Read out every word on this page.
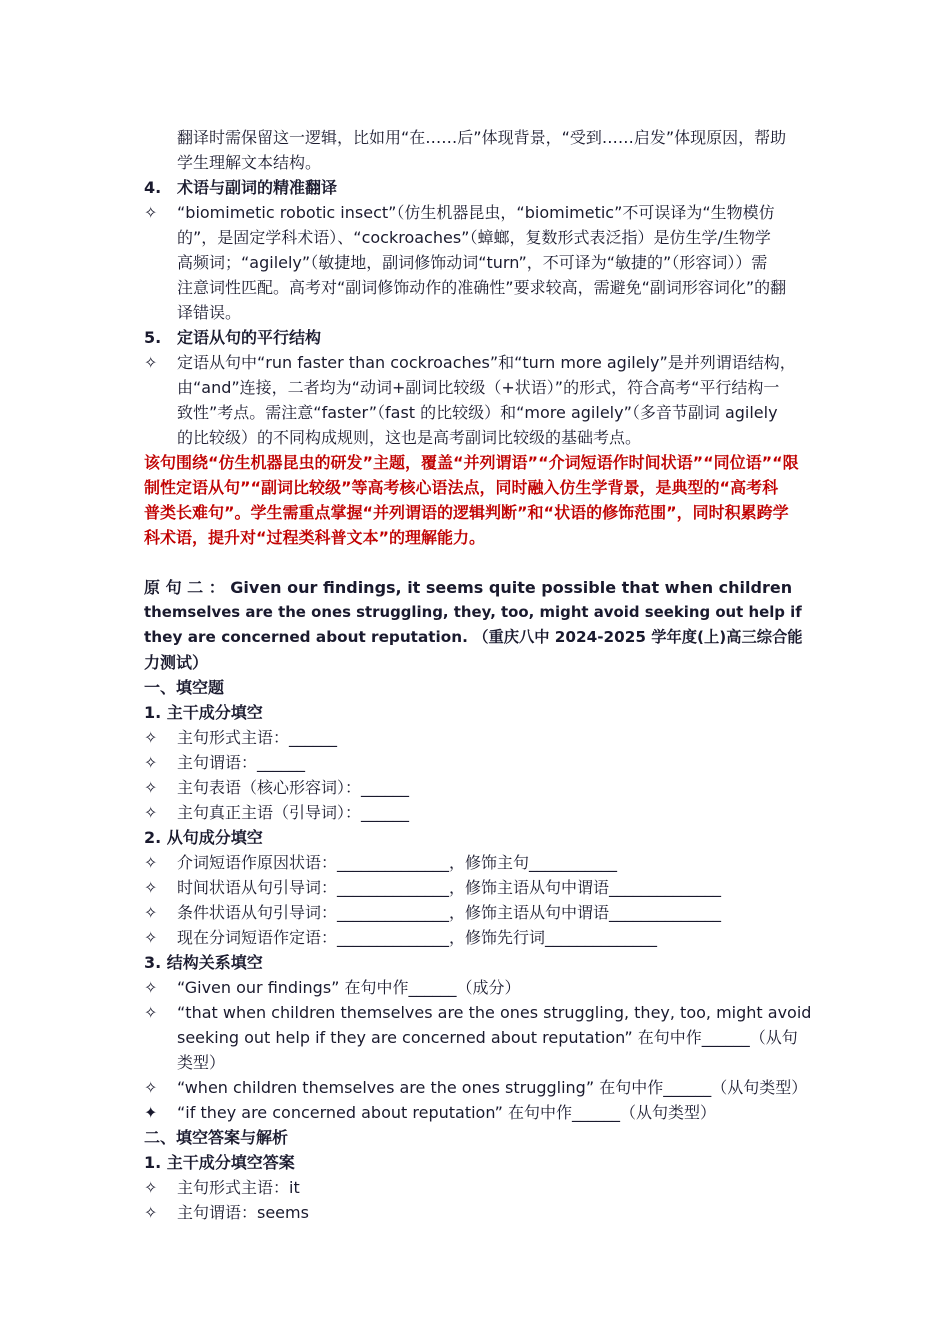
翻译时需保留这一逻辑，比如用“在……后”体现背景，“受到……启发”体现原因，帮助
学生理解文本结构。
4. 术语与副词的精准翻译
✧	“biomimetic robotic insect”（仿生机器昆虫，“biomimetic”不可误译为“生物模仿
的”，是固定学科术语）、“cockroaches”（蟑螂，复数形式表泛指）是仿生学/生物学
高频词；“agilely”（敏捷地，副词修饰动词“turn”，不可译为“敏捷的”（形容词））需
注意词性匹配。高考对“副词修饰动作的准确性”要求较高，需避免“副词形容词化”的翻
译错误。
5. 定语从句的平行结构
✧	定语从句中“run faster than cockroaches”和“turn more agilely”是并列谓语结构，
由“and”连接，二者均为“动词+副词比较级（+状语）”的形式，符合高考“平行结构一
致性”考点。需注意“faster”（fast 的比较级）和“more agilely”（多音节副词 agilely
的比较级）的不同构成规则，这也是高考副词比较级的基础考点。
该句围绕“仿生机器昆虫的研发”主题，覆盖“并列谓语”“介词短语作时间状语”“同位语”“限
制性定语从句”“副词比较级”等高考核心语法点，同时融入仿生学背景，是典型的“高考科
普类长难句”。学生需重点掌握“并列谓语的逻辑判断”和“状语的修饰范围”，同时积累跨学
科术语，提升对“过程类科普文本”的理解能力。
原 句 二 ： Given our findings, it seems quite possible that when children
themselves are the ones struggling, they, too, might avoid seeking out help if
they are concerned about reputation. （重庆八中 2024-2025 学年度(上)高三综合能
力测试）
一、填空题
1. 主干成分填空
✧	主句形式主语：______
✧	主句谓语：______
✧	主句表语（核心形容词）：______
✧	主句真正主语（引导词）：______
2. 从句成分填空
✧	介词短语作原因状语：______________，修饰主句___________
✧	时间状语从句引导词：______________，修饰主语从句中谓语______________
✧	条件状语从句引导词：______________，修饰主语从句中谓语______________
✧	现在分词短语作定语：______________，修饰先行词______________
3. 结构关系填空
✧	“Given our findings” 在句中作______（成分）
✧	“that when children themselves are the ones struggling, they, too, might avoid
seeking out help if they are concerned about reputation” 在句中作______（从句
类型）
✧	“when children themselves are the ones struggling” 在句中作______（从句类型）
✦	“if they are concerned about reputation” 在句中作______（从句类型）
二、填空答案与解析
1. 主干成分填空答案
✧	主句形式主语：it
✧	主句谓语：seems
